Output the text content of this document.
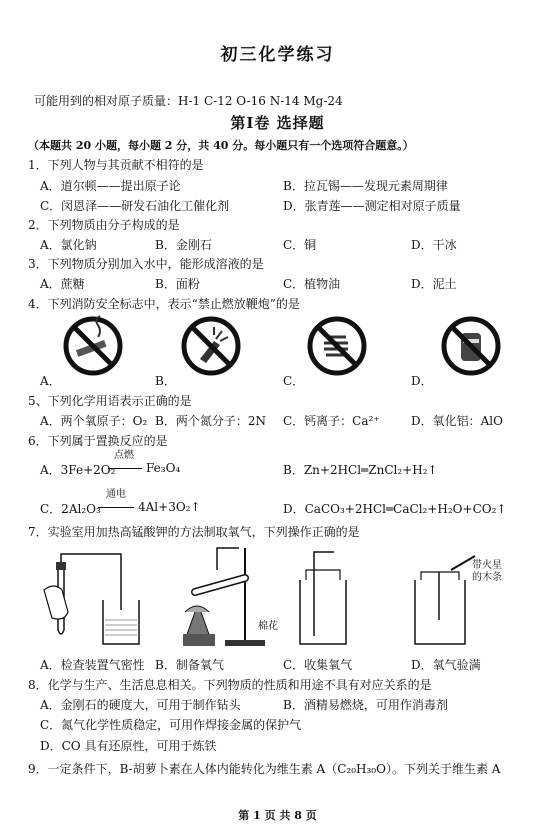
初三化学练习
可能用到的相对原子质量：H-1 C-12 O-16 N-14 Mg-24
第Ⅰ卷 选择题
（本题共 20 小题，每小题 2 分，共 40 分。每小题只有一个选项符合题意。）
1．下列人物与其贡献不相符的是
A．道尔顿——提出原子论	B．拉瓦锡——发现元素周期律
C．闵恩泽——研发石油化工催化剂	D．张青莲——测定相对原子质量
2．下列物质由分子构成的是
A．氯化钠	B．金刚石	C．铜	D．干冰
3．下列物质分别加入水中，能形成溶液的是
A．蔗糖	B．面粉	C．植物油	D．泥土
4．下列消防安全标志中，表示“禁止燃放鞭炮”的是
A．	B．	C．	D．
5、下列化学用语表示正确的是
A．两个氧原子：O₂ B．两个氮分子：2N C．钙离子：Ca²⁺	D．氧化铝：AlO
6．下列属于置换反应的是
点燃
A．3Fe+2O₂	Fe₃O₄	B．Zn+2HCl═ZnCl₂+H₂↑
通电
C．2Al₂O₃	4Al+3O₂↑	D．CaCO₃+2HCl═CaCl₂+H₂O+CO₂↑
7．实验室用加热高锰酸钾的方法制取氧气，下列操作正确的是
A．检查装置气密性
棉花
B．制备氧气	C．收集氧气
带火星的木条
D．氧气验满
8．化学与生产、生活息息相关。下列物质的性质和用途不具有对应关系的是
A．金刚石的硬度大，可用于制作钻头	B．酒精易燃烧，可用作消毒剂
C．氮气化学性质稳定，可用作焊接金属的保护气
D．CO 具有还原性，可用于炼铁
9．一定条件下，B-胡萝卜素在人体内能转化为维生素 A（C₂₀H₃₀O）。下列关于维生素 A
第 1 页 共 8 页
